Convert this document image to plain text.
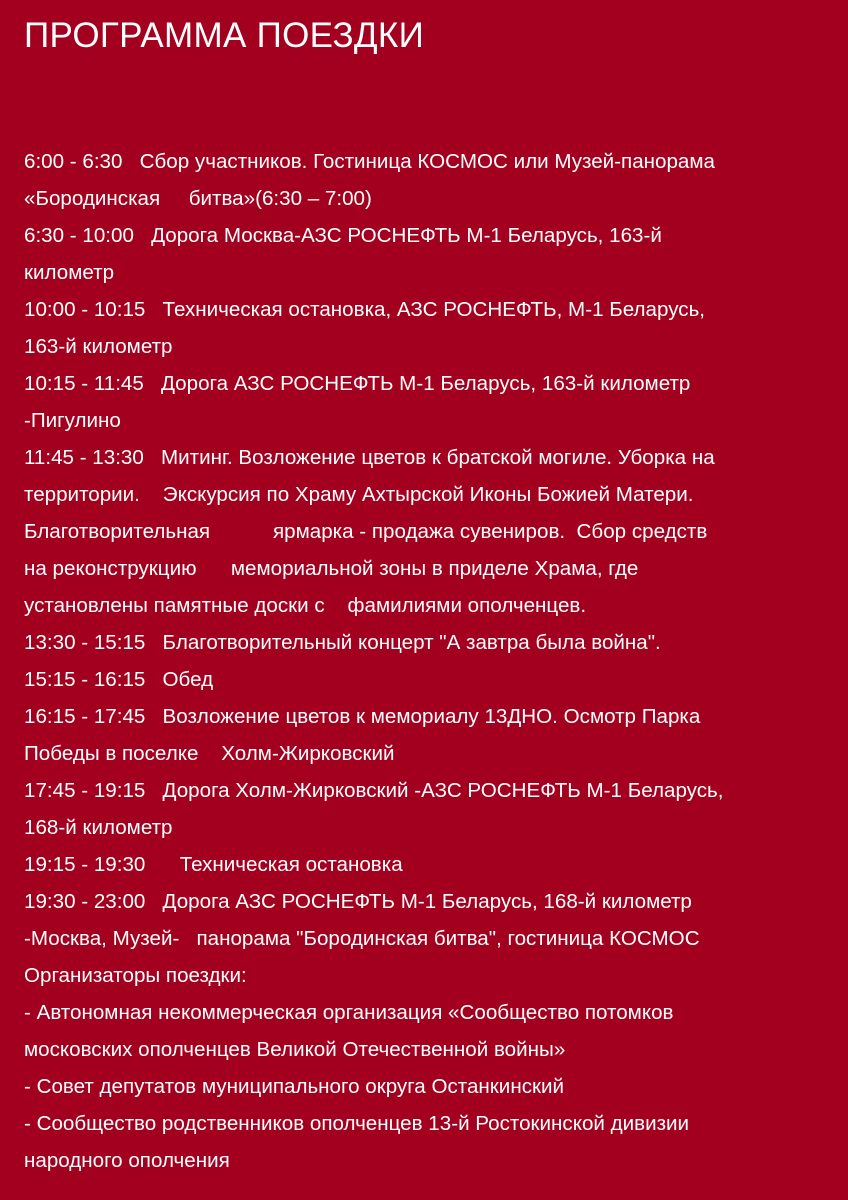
ПРОГРАММА ПОЕЗДКИ
6:00 - 6:30   Сбор участников. Гостиница КОСМОС или Музей-панорама
«Бородинская     битва»(6:30 – 7:00)
6:30 - 10:00   Дорога Москва-АЗС РОСНЕФТЬ М-1 Беларусь, 163-й
километр
10:00 - 10:15   Техническая остановка, АЗС РОСНЕФТЬ, М-1 Беларусь,
163-й километр
10:15 - 11:45   Дорога АЗС РОСНЕФТЬ М-1 Беларусь, 163-й километр
-Пигулино
11:45 - 13:30   Митинг. Возложение цветов к братской могиле. Уборка на
территории.    Экскурсия по Храму Ахтырской Иконы Божией Матери.
Благотворительная           ярмарка - продажа сувениров.  Сбор средств
на реконструкцию      мемориальной зоны в приделе Храма, где
установлены памятные доски с    фамилиями ополченцев.
13:30 - 15:15   Благотворительный концерт "А завтра была война".
15:15 - 16:15   Обед
16:15 - 17:45   Возложение цветов к мемориалу 13ДНО. Осмотр Парка
Победы в поселке    Холм-Жирковский
17:45 - 19:15   Дорога Холм-Жирковский -АЗС РОСНЕФТЬ М-1 Беларусь,
168-й километр
19:15 - 19:30      Техническая остановка
19:30 - 23:00   Дорога АЗС РОСНЕФТЬ М-1 Беларусь, 168-й километр
-Москва, Музей-   панорама "Бородинская битва", гостиница КОСМОС
Организаторы поездки:
- Автономная некоммерческая организация «Сообщество потомков
московских ополченцев Великой Отечественной войны»
- Совет депутатов муниципального округа Останкинский
- Сообщество родственников ополченцев 13-й Ростокинской дивизии
народного ополчения
